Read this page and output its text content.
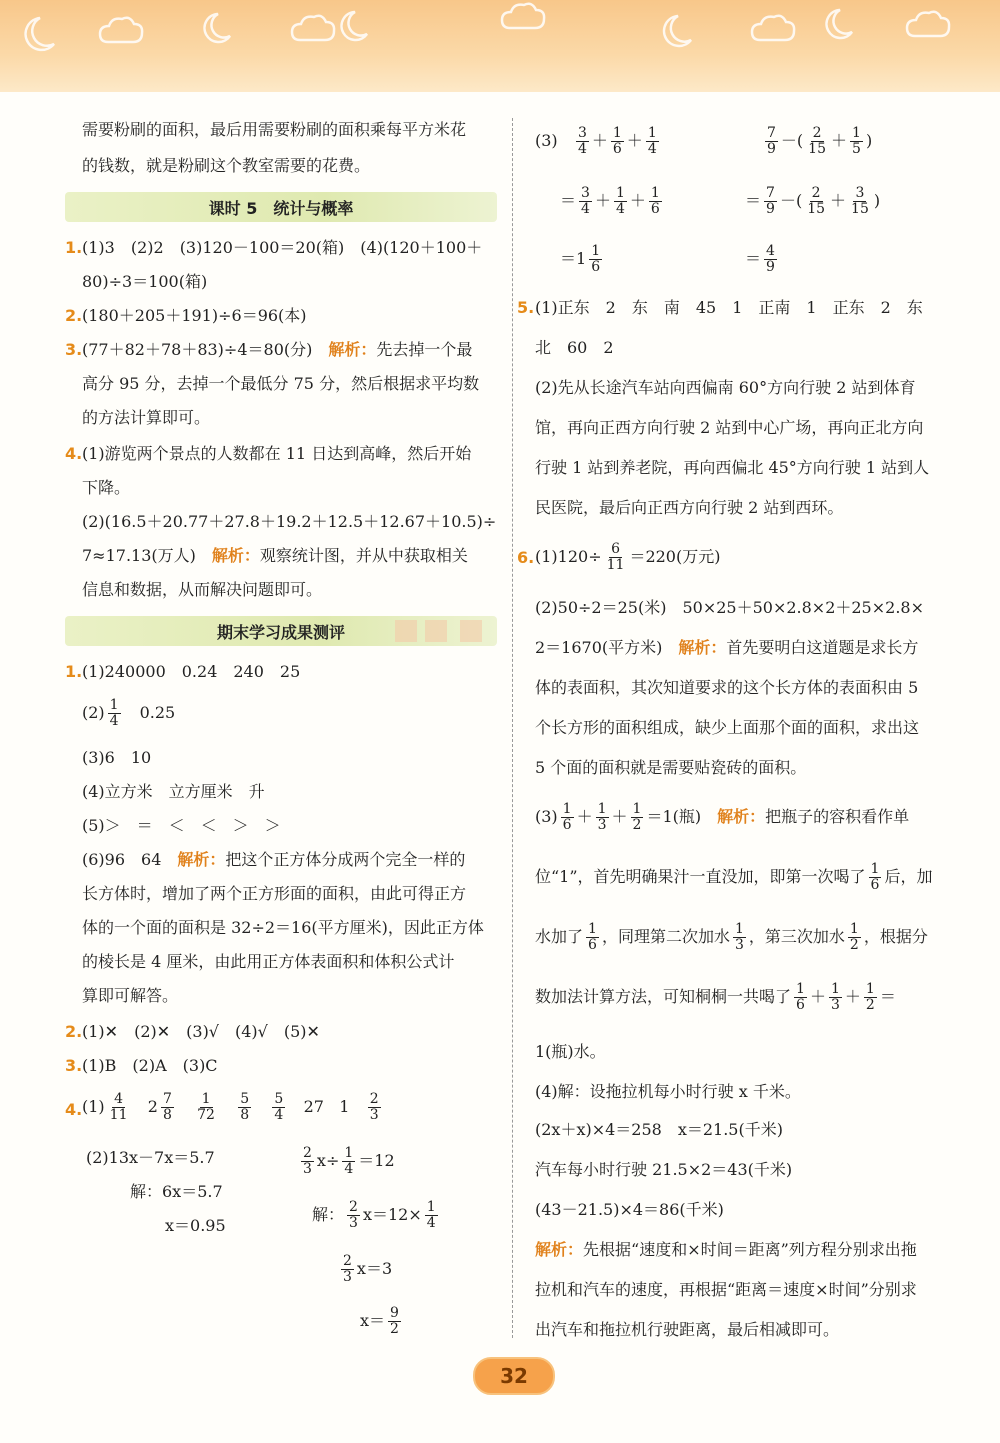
需要粉刷的面积，最后用需要粉刷的面积乘每平方米花
的钱数，就是粉刷这个教室需要的花费。
课时 5　统计与概率
1. (1)3　(2)2　(3)120－100＝20(箱)　(4)(120＋100＋
80)÷3＝100(箱)
2. (180＋205＋191)÷6＝96(本)
3. (77＋82＋78＋83)÷4＝80(分)　解析：先去掉一个最
高分 95 分，去掉一个最低分 75 分，然后根据求平均数
的方法计算即可。
4. (1)游览两个景点的人数都在 11 日达到高峰，然后开始
下降。
(2)(16.5＋20.77＋27.8＋19.2＋12.5＋12.67＋10.5)÷
7≈17.13(万人)　解析：观察统计图，并从中获取相关
信息和数据，从而解决问题即可。
期末学习成果测评
1. (1)240000　0.24　240　25
$(2) \frac{1}{4}$ 　0.25
(3)6　10
(4)立方米　立方厘米　升
(5)＞　＝　＜　＜　＞　＞
(6)96　64　解析：把这个正方体分成两个完全一样的
长方体时，增加了两个正方形面的面积，由此可得正方
体的一个面的面积是 32÷2＝16(平方厘米)，因此正方体
的棱长是 4 厘米，由此用正方体表面积和体积公式计
算即可解答。
2. (1)✕　(2)✕　(3)√　(4)√　(5)✕
3. (1)B　(2)A　(3)C
4. $(1) \frac{4}{11} 2 \frac{7}{8}$
$\frac{1}{72}$
$\frac{5}{8}$
$\frac{5}{4} 27$ $1 \frac{2}{3}$
(2)13x－7x＝5.7
解：6x＝5.7
x＝0.95
$\frac{2}{3} x\div \frac{1}{4} =12$
解： $\frac{2}{3} x=12\times \frac{1}{4}$
$\frac{2}{3} x=3$
$x= \frac{9}{2}$
$(3) \frac{3}{4} + \frac{1}{6} + \frac{1}{4}$	$\frac{7}{9}$ －( $\frac{2}{15} + \frac{1}{5}$ )
＝ $\frac{3}{4} + \frac{1}{4} + \frac{1}{6}$	＝ $\frac{7}{9}$ －( $\frac{2}{15} + \frac{3}{15}$ )
$=1 \frac{1}{6}$	＝ $\frac{4}{9}$
5. (1)正东　2　东　南　45　1　正南　1　正东　2　东
北　60　2
(2)先从长途汽车站向西偏南 60°方向行驶 2 站到体育
馆，再向正西方向行驶 2 站到中心广场，再向正北方向
行驶 1 站到养老院，再向西偏北 45°方向行驶 1 站到人
民医院，最后向正西方向行驶 2 站到西环。
6. $(1)120\div \frac{6}{11} =220$(万元)
(2)50÷2＝25(米)　50×25＋50×2.8×2＋25×2.8×
2＝1670(平方米)　解析：首先要明白这道题是求长方
体的表面积，其次知道要求的这个长方体的表面积由 5
个长方形的面积组成，缺少上面那个面的面积，求出这
5 个面的面积就是需要贴瓷砖的面积。
$(3) \frac{1}{6} + \frac{1}{3} + \frac{1}{2} =1$(瓶)　解析：把瓶子的容积看作单
位“1”，首先明确果汁一直没加，即第一次喝了 $\frac{1}{6}$ 后，加
水加了 $\frac{1}{6}$ ，同理第二次加水 $\frac{1}{3}$ ，第三次加水 $\frac{1}{2}$ ，根据分
数加法计算方法，可知桐桐一共喝了 $\frac{1}{6} + \frac{1}{3} + \frac{1}{2}$ ＝
1(瓶)水。
(4)解：设拖拉机每小时行驶 x 千米。
(2x＋x)×4＝258　x＝21.5(千米)
汽车每小时行驶 21.5×2＝43(千米)
(43－21.5)×4＝86(千米)
解析：先根据“速度和×时间＝距离”列方程分别求出拖
拉机和汽车的速度，再根据“距离＝速度×时间”分别求
出汽车和拖拉机行驶距离，最后相减即可。
32
